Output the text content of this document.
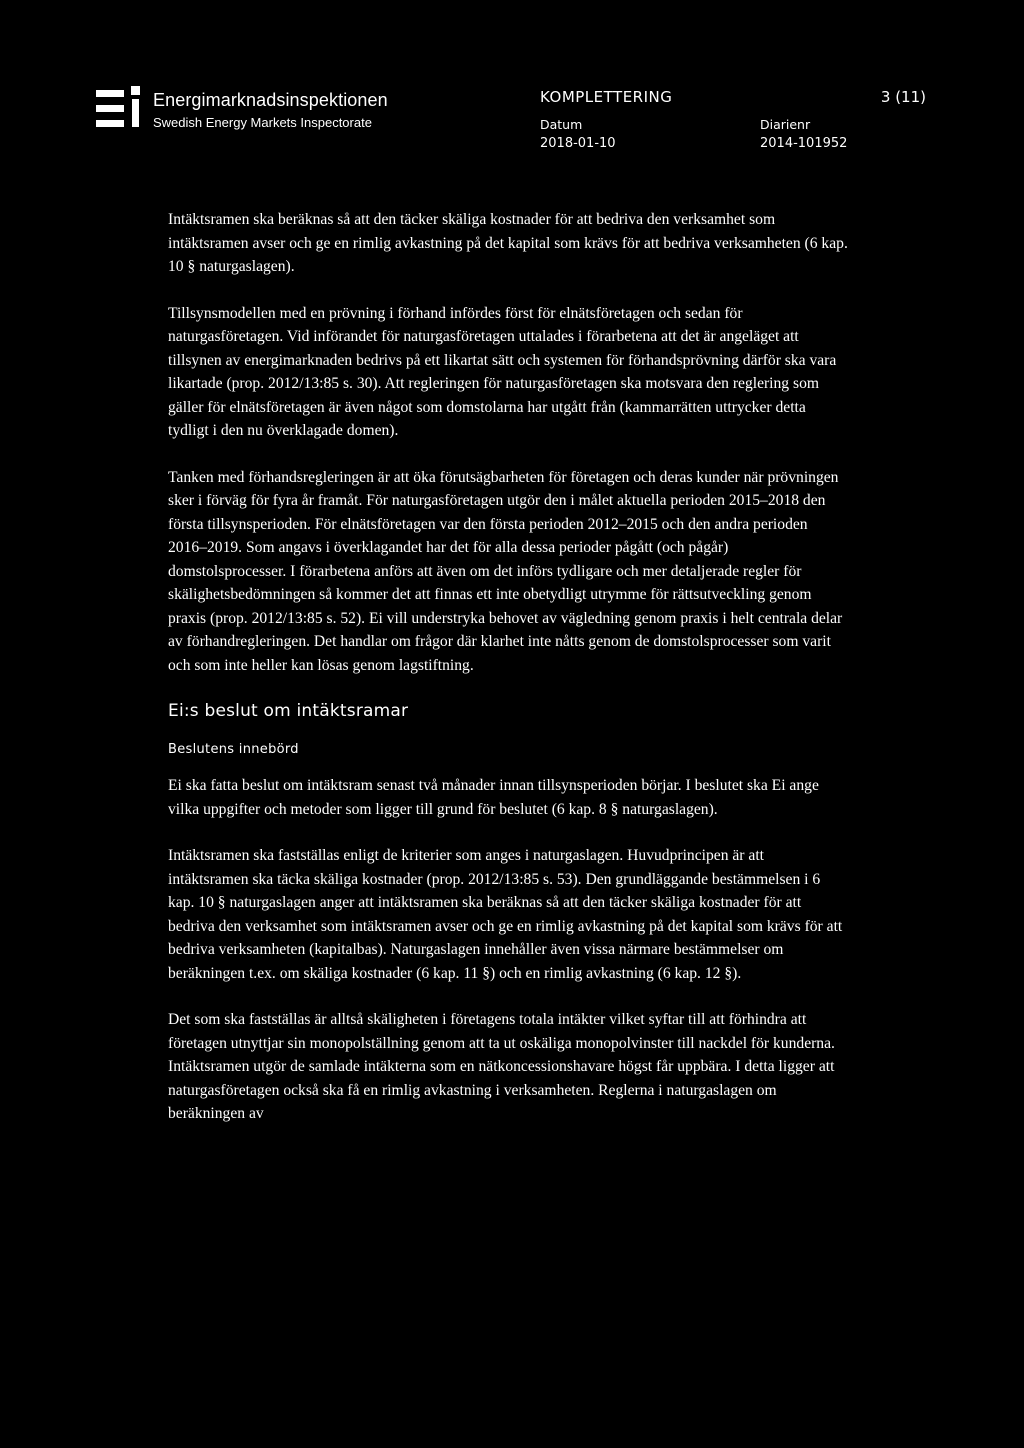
Energimarknadsinspektionen
Swedish Energy Markets Inspectorate
KOMPLETTERING	3 (11)
Datum
2018-01-10
Diarienr
2014-101952

Intäktsramen ska beräknas så att den täcker skäliga kostnader för att bedriva den verksamhet som intäktsramen avser och ge en rimlig avkastning på det kapital som krävs för att bedriva verksamheten (6 kap. 10 § naturgaslagen).

Tillsynsmodellen med en prövning i förhand infördes först för elnätsföretagen och sedan för naturgasföretagen. Vid införandet för naturgasföretagen uttalades i förarbetena att det är angeläget att tillsynen av energimarknaden bedrivs på ett likartat sätt och systemen för förhandsprövning därför ska vara likartade (prop. 2012/13:85 s. 30). Att regleringen för naturgasföretagen ska motsvara den reglering som gäller för elnätsföretagen är även något som domstolarna har utgått från (kammarrätten uttrycker detta tydligt i den nu överklagade domen).

Tanken med förhandsregleringen är att öka förutsägbarheten för företagen och deras kunder när prövningen sker i förväg för fyra år framåt. För naturgasföretagen utgör den i målet aktuella perioden 2015–2018 den första tillsynsperioden. För elnätsföretagen var den första perioden 2012–2015 och den andra perioden 2016–2019. Som angavs i överklagandet har det för alla dessa perioder pågått (och pågår) domstolsprocesser. I förarbetena anförs att även om det införs tydligare och mer detaljerade regler för skälighetsbedömningen så kommer det att finnas ett inte obetydligt utrymme för rättsutveckling genom praxis (prop. 2012/13:85 s. 52). Ei vill understryka behovet av vägledning genom praxis i helt centrala delar av förhandregleringen. Det handlar om frågor där klarhet inte nåtts genom de domstolsprocesser som varit och som inte heller kan lösas genom lagstiftning.

Ei:s beslut om intäktsramar
Beslutens innebörd

Ei ska fatta beslut om intäktsram senast två månader innan tillsynsperioden börjar. I beslutet ska Ei ange vilka uppgifter och metoder som ligger till grund för beslutet (6 kap. 8 § naturgaslagen).

Intäktsramen ska fastställas enligt de kriterier som anges i naturgaslagen. Huvudprincipen är att intäktsramen ska täcka skäliga kostnader (prop. 2012/13:85 s. 53). Den grundläggande bestämmelsen i 6 kap. 10 § naturgaslagen anger att intäktsramen ska beräknas så att den täcker skäliga kostnader för att bedriva den verksamhet som intäktsramen avser och ge en rimlig avkastning på det kapital som krävs för att bedriva verksamheten (kapitalbas). Naturgaslagen innehåller även vissa närmare bestämmelser om beräkningen t.ex. om skäliga kostnader (6 kap. 11 §) och en rimlig avkastning (6 kap. 12 §).

Det som ska fastställas är alltså skäligheten i företagens totala intäkter vilket syftar till att förhindra att företagen utnyttjar sin monopolställning genom att ta ut oskäliga monopolvinster till nackdel för kunderna. Intäktsramen utgör de samlade intäkterna som en nätkoncessionshavare högst får uppbära. I detta ligger att naturgasföretagen också ska få en rimlig avkastning i verksamheten. Reglerna i naturgaslagen om beräkningen av
